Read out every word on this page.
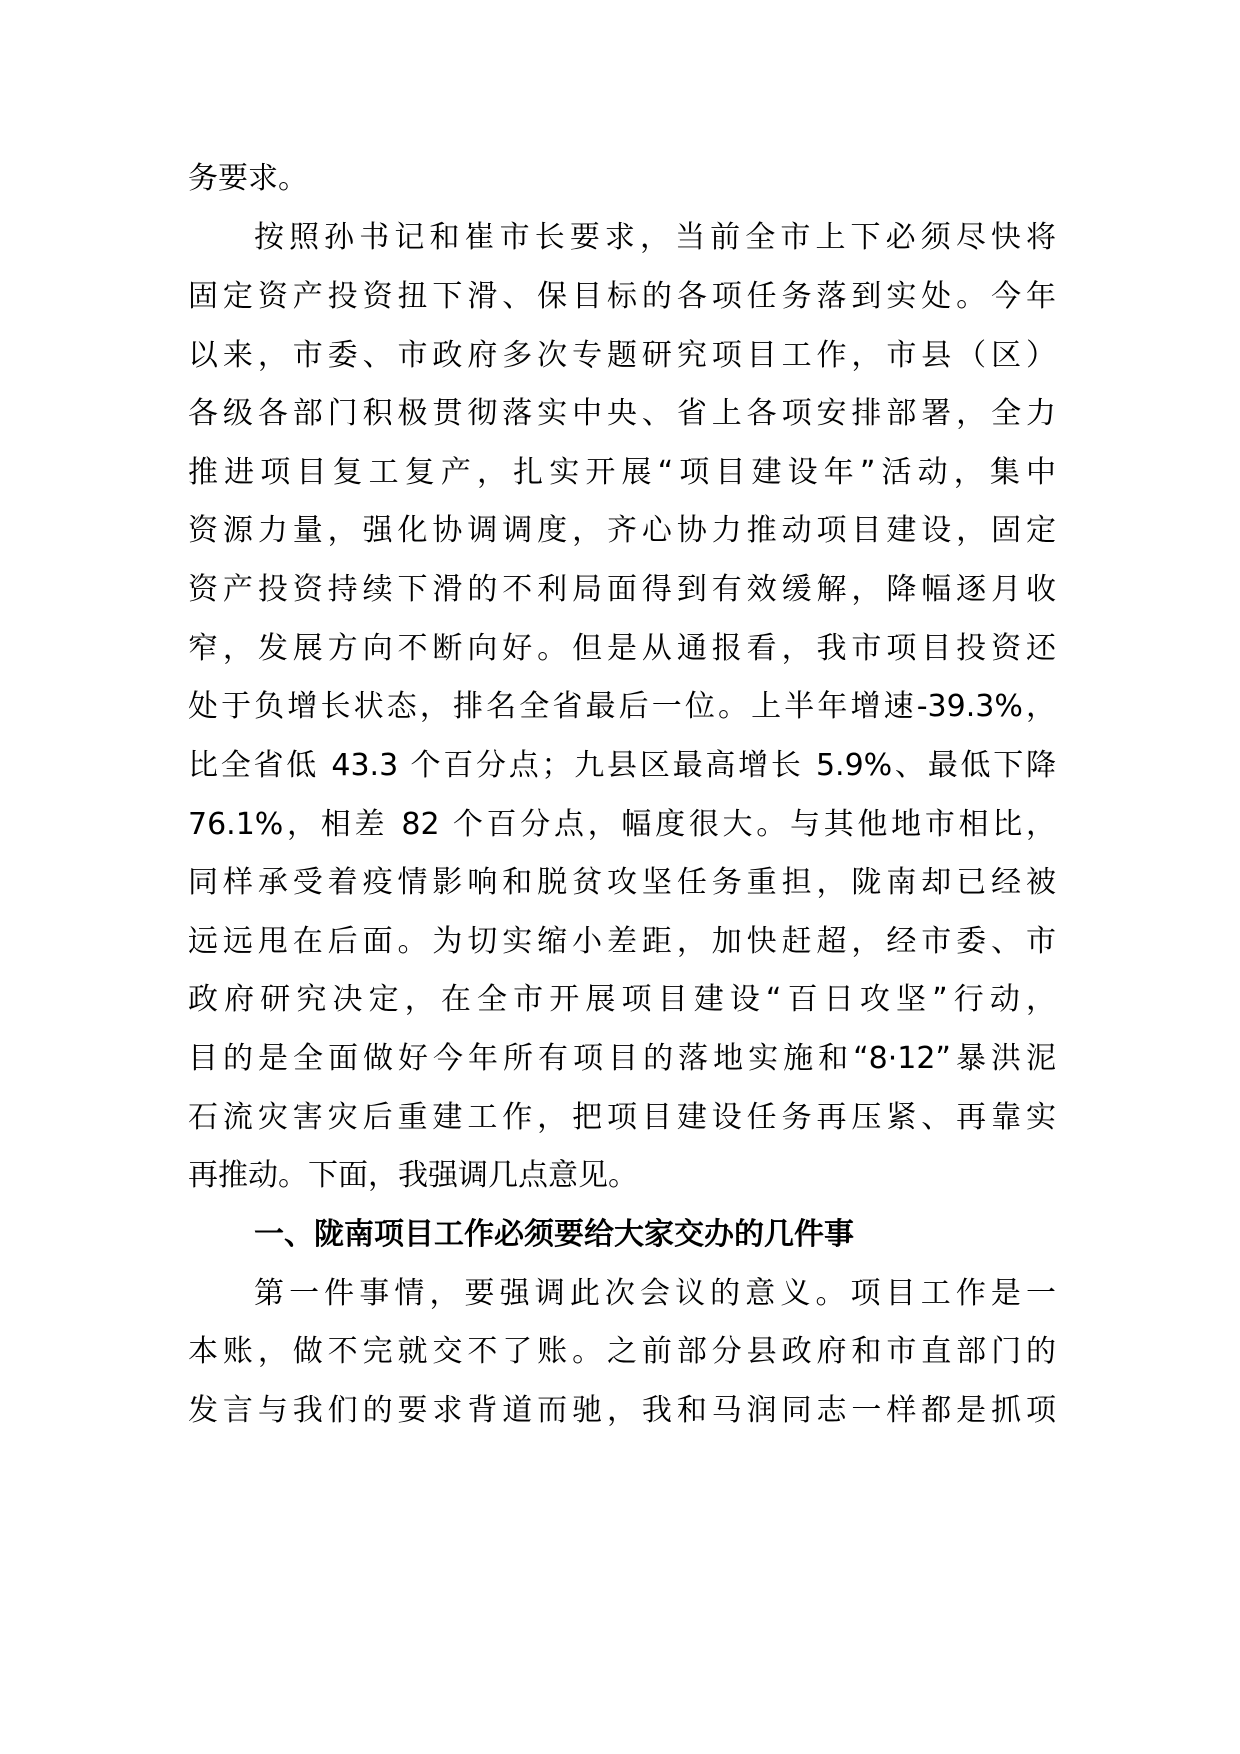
务要求。
按照孙书记和崔市长要求，当前全市上下必须尽快将
固定资产投资扭下滑、保目标的各项任务落到实处。今年
以来，市委、市政府多次专题研究项目工作，市县（区）
各级各部门积极贯彻落实中央、省上各项安排部署，全力
推进项目复工复产，扎实开展“项目建设年”活动，集中
资源力量，强化协调调度，齐心协力推动项目建设，固定
资产投资持续下滑的不利局面得到有效缓解，降幅逐月收
窄，发展方向不断向好。但是从通报看，我市项目投资还
处于负增长状态，排名全省最后一位。上半年增速-39.3%，
比全省低 43.3 个百分点；九县区最高增长 5.9%、最低下降
76.1%，相差 82 个百分点，幅度很大。与其他地市相比，
同样承受着疫情影响和脱贫攻坚任务重担，陇南却已经被
远远甩在后面。为切实缩小差距，加快赶超，经市委、市
政府研究决定，在全市开展项目建设“百日攻坚”行动，
目的是全面做好今年所有项目的落地实施和“8·12”暴洪泥
石流灾害灾后重建工作，把项目建设任务再压紧、再靠实
再推动。下面，我强调几点意见。
一、陇南项目工作必须要给大家交办的几件事
第一件事情，要强调此次会议的意义。项目工作是一
本账，做不完就交不了账。之前部分县政府和市直部门的
发言与我们的要求背道而驰，我和马润同志一样都是抓项
